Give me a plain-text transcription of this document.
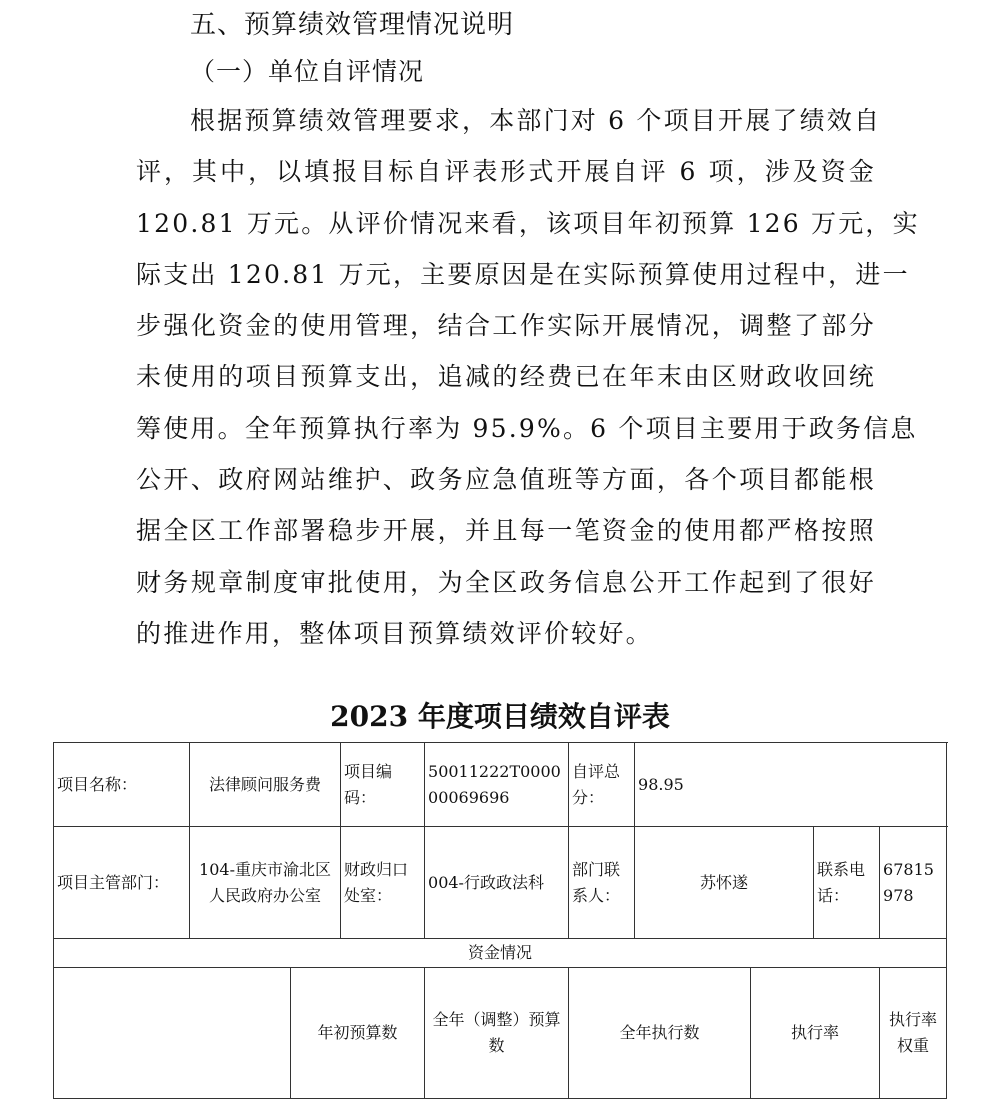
五、预算绩效管理情况说明
（一）单位自评情况
根据预算绩效管理要求，本部门对 6 个项目开展了绩效自
评，其中，以填报目标自评表形式开展自评 6 项，涉及资金
120.81 万元。从评价情况来看，该项目年初预算 126 万元，实
际支出 120.81 万元，主要原因是在实际预算使用过程中，进一
步强化资金的使用管理，结合工作实际开展情况，调整了部分
未使用的项目预算支出，追减的经费已在年末由区财政收回统
筹使用。全年预算执行率为 95.9%。6 个项目主要用于政务信息
公开、政府网站维护、政务应急值班等方面，各个项目都能根
据全区工作部署稳步开展，并且每一笔资金的使用都严格按照
财务规章制度审批使用，为全区政务信息公开工作起到了很好
的推进作用，整体项目预算绩效评价较好。
2023 年度项目绩效自评表
项目名称：	法律顾问服务费		项目编码：	50011222T000000069696	自评总分：	98.95				
项目主管部门：	104-重庆市渝北区人民政府办公室		财政归口处室：	004-行政政法科	部门联系人：	苏怀遂		联系电话：	67815978	
资金情况										
		年初预算数		全年（调整）预算数	全年执行数		执行率		执行率权重	
